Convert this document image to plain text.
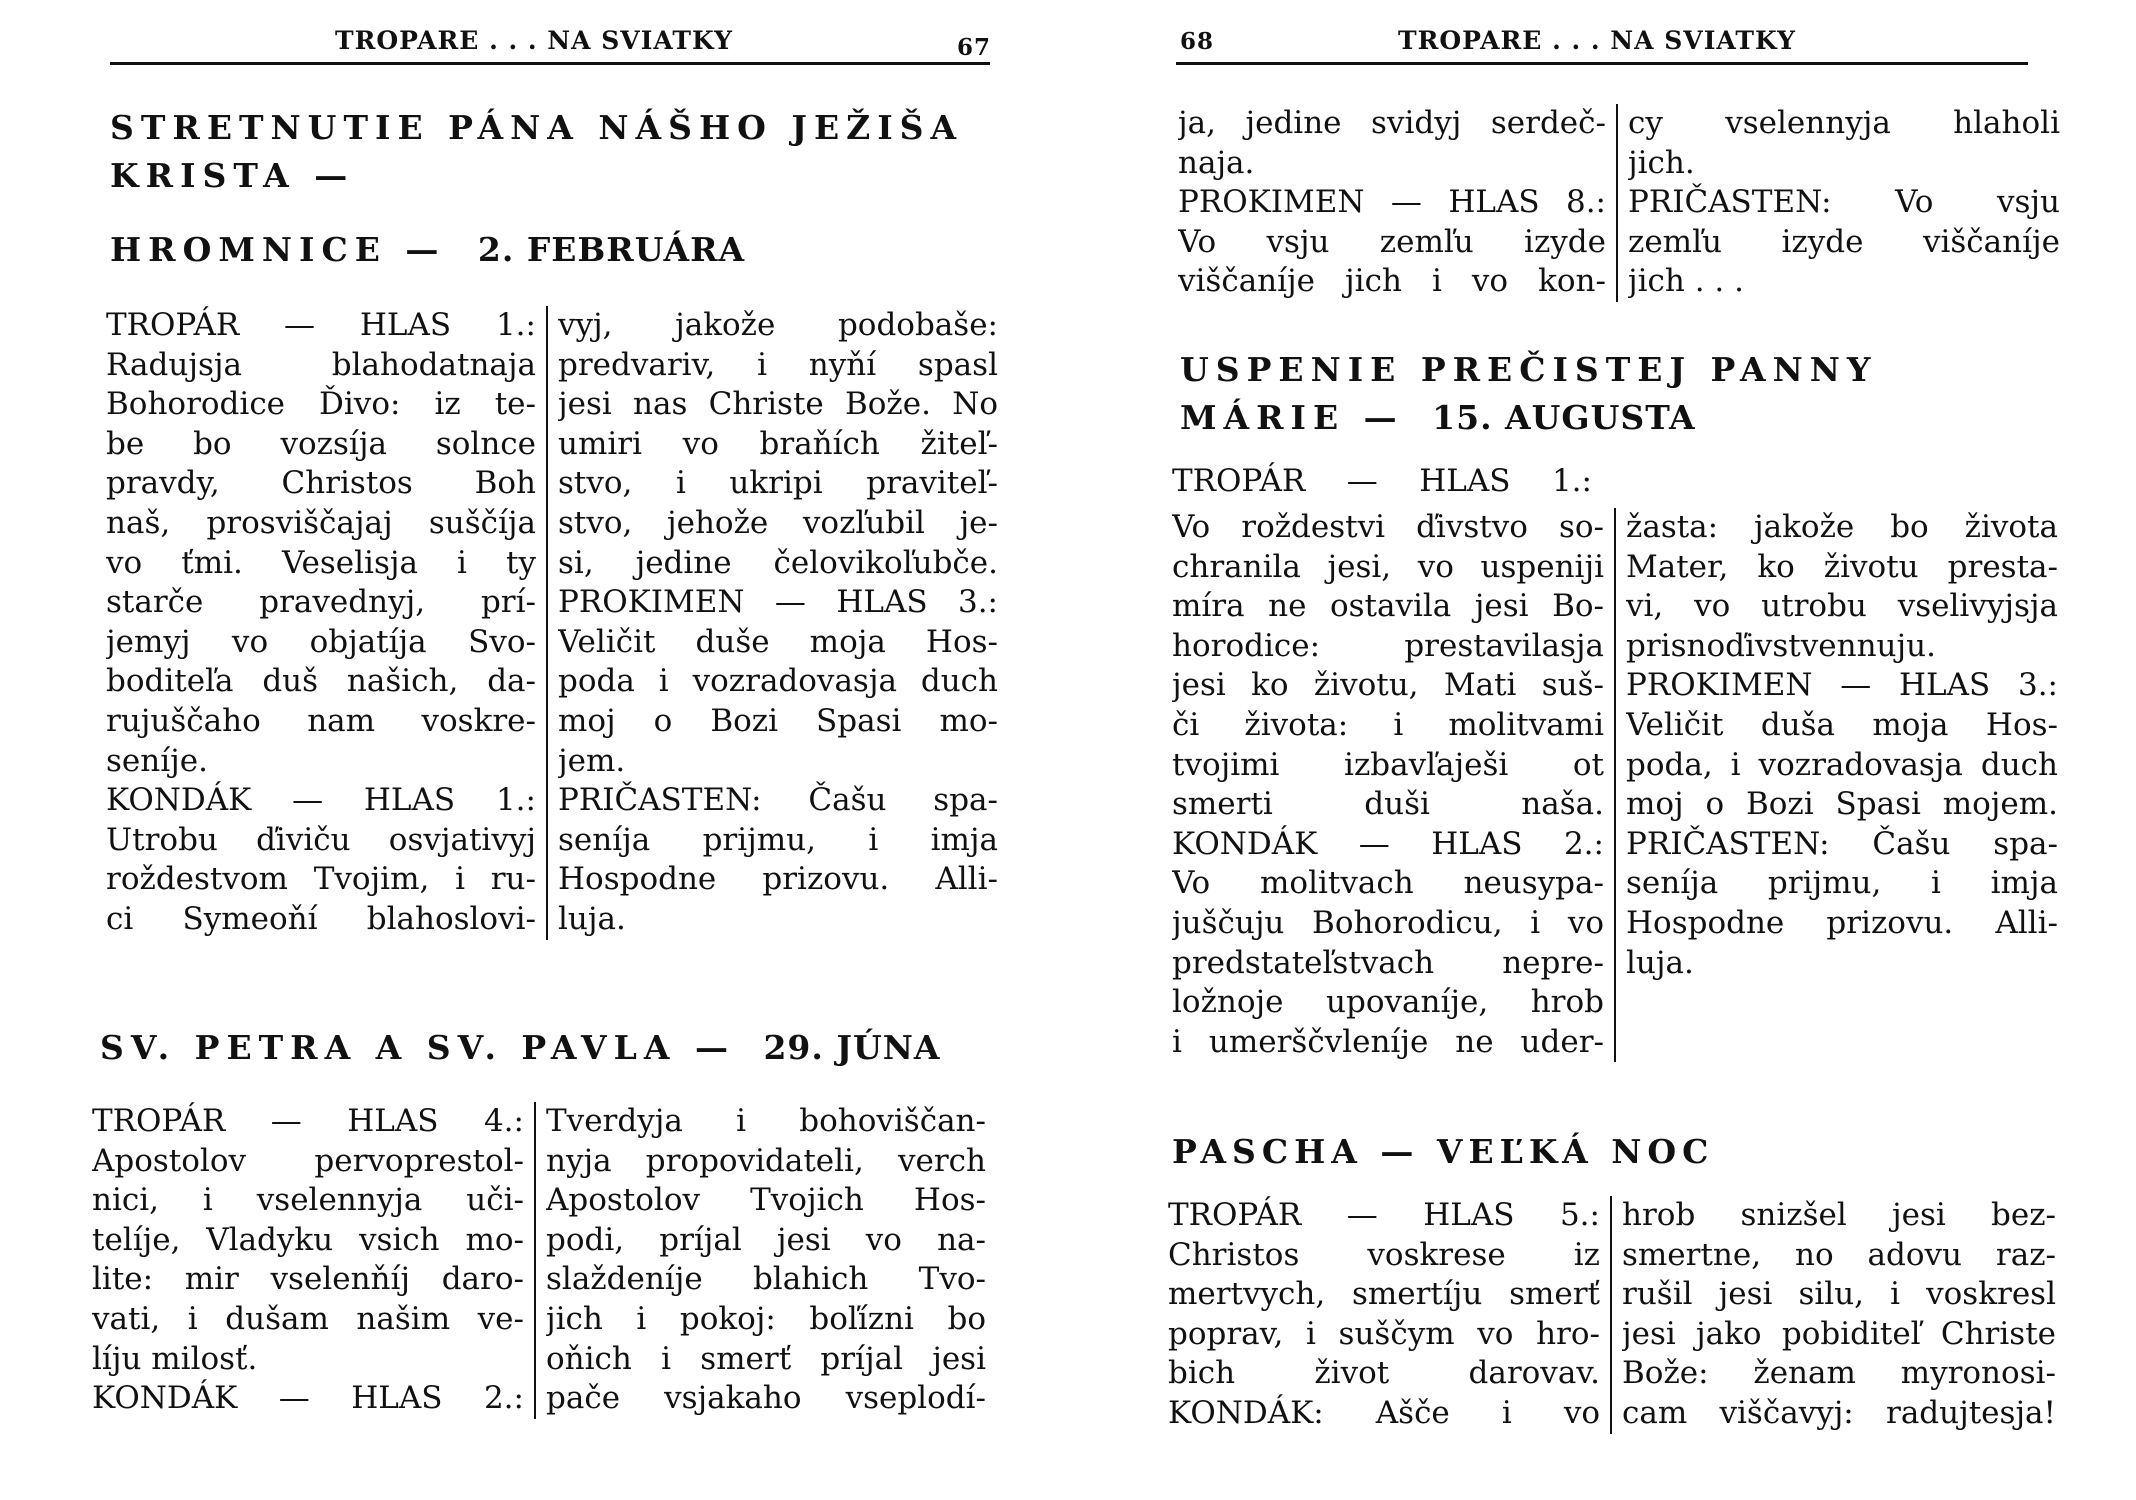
TROPARE . . . NA SVIATKY	67
STRETNUTIE PÁNA NÁŠHO JEŽIŠA
KRISTA —
HROMNICE — 2. FEBRUÁRA
TROPÁR — HLAS 1.:
Radujsja blahodatnaja
Bohorodice Ďivo: iz te-
be bo vozsíja solnce
pravdy, Christos Boh
naš, prosviščajaj suščíja
vo ťmi. Veselisja i ty
starče pravednyj, prí-
jemyj vo objatíja Svo-
boditeľa duš našich, da-
rujuščaho nam voskre-
seníje.
KONDÁK — HLAS 1.:
Utrobu ďiviču osvjativyj
roždestvom Tvojim, i ru-
ci Symeoňí blahoslovi-
vyj, jakože podobaše:
predvariv, i nyňí spasl
jesi nas Christe Bože. No
umiri vo braňích žiteľ-
stvo, i ukripi praviteľ-
stvo, jehože vozľubil je-
si, jedine čelovikoľubče.
PROKIMEN — HLAS 3.:
Veličit duše moja Hos-
poda i vozradovasja duch
moj o Bozi Spasi mo-
jem.
PRIČASTEN: Čašu spa-
seníja prijmu, i imja
Hospodne prizovu. Alli-
luja.
SV. PETRA A SV. PAVLA — 29. JÚNA
TROPÁR — HLAS 4.:
Apostolov pervoprestol-
nici, i vselennyja uči-
telíje, Vladyku vsich mo-
lite: mir vselenňíj daro-
vati, i dušam našim ve-
líju milosť.
KONDÁK — HLAS 2.:
Tverdyja i bohoviščan-
nyja propovidateli, verch
Apostolov Tvojich Hos-
podi, príjal jesi vo na-
slaždeníje blahich Tvo-
jich i pokoj: boľízni bo
oňich i smerť príjal jesi
pače vsjakaho vseplodí-
68	TROPARE . . . NA SVIATKY
ja, jedine svidyj serdeč-
naja.
PROKIMEN — HLAS 8.:
Vo vsju zemľu izyde
viščaníje jich i vo kon-
cy vselennyja hlaholi
jich.
PRIČASTEN: Vo vsju
zemľu izyde viščaníje
jich . . .
USPENIE PREČISTEJ PANNY
MÁRIE — 15. AUGUSTA
TROPÁR — HLAS 1.:
Vo roždestvi ďivstvo so-
chranila jesi, vo uspeniji
míra ne ostavila jesi Bo-
horodice: prestavilasja
jesi ko životu, Mati suš-
či života: i molitvami
tvojimi izbavľaješi ot
smerti duši naša.
KONDÁK — HLAS 2.:
Vo molitvach neusypa-
juščuju Bohorodicu, i vo
predstateľstvach nepre-
ložnoje upovaníje, hrob
i umerščvleníje ne uder-
žasta: jakože bo života
Mater, ko životu presta-
vi, vo utrobu vselivyjsja
prisnoďivstvennuju.
PROKIMEN — HLAS 3.:
Veličit duša moja Hos-
poda, i vozradovasja duch
moj o Bozi Spasi mojem.
PRIČASTEN: Čašu spa-
seníja prijmu, i imja
Hospodne prizovu. Alli-
luja.
PASCHA — VEĽKÁ NOC
TROPÁR — HLAS 5.:
Christos voskrese iz
mertvych, smertíju smerť
poprav, i suščym vo hro-
bich život darovav.
KONDÁK: Ašče i vo
hrob snizšel jesi bez-
smertne, no adovu raz-
rušil jesi silu, i voskresl
jesi jako pobiditeľ Christe
Bože: ženam myronosi-
cam viščavyj: radujtesja!
